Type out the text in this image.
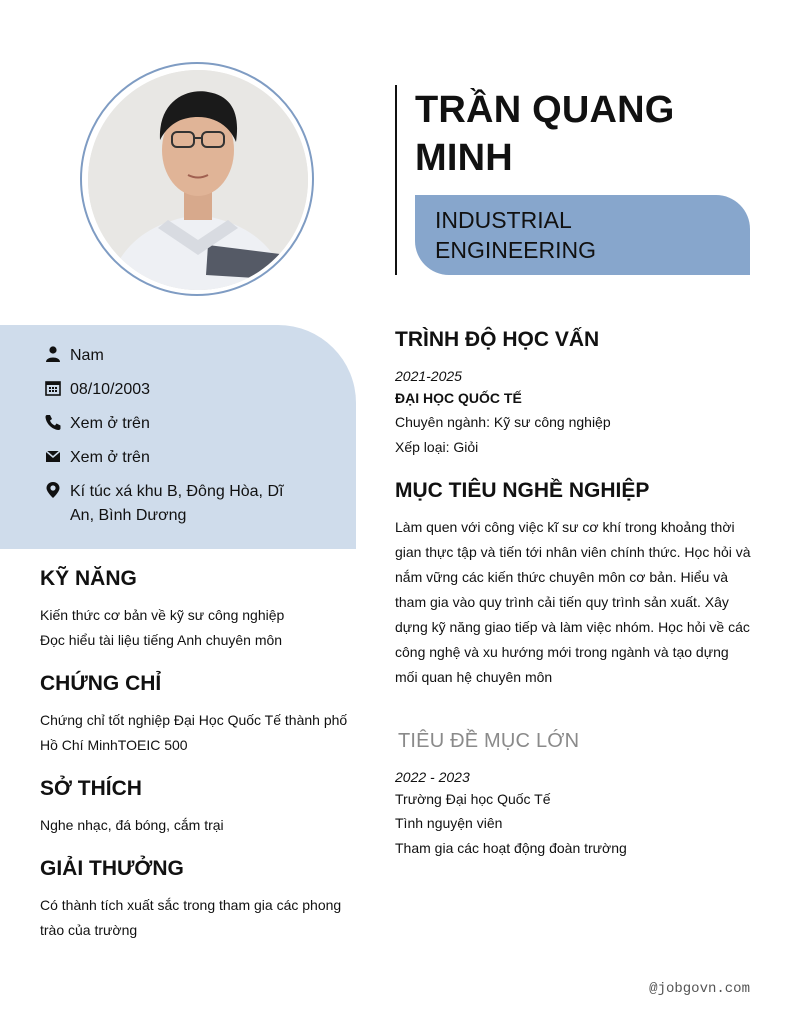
TRẦN QUANG MINH
INDUSTRIAL ENGINEERING
Nam
08/10/2003
Xem ở trên
Xem ở trên
Kí túc xá khu B, Đông Hòa, Dĩ An, Bình Dương
KỸ NĂNG
Kiến thức cơ bản về kỹ sư công nghiệp
Đọc hiểu tài liệu tiếng Anh chuyên môn
CHỨNG CHỈ
Chứng chỉ tốt nghiệp Đại Học Quốc Tế thành phố Hồ Chí MinhTOEIC 500
SỞ THÍCH
Nghe nhạc, đá bóng, cắm trại
GIẢI THƯỞNG
Có thành tích xuất sắc trong tham gia các phong trào của trường
TRÌNH ĐỘ HỌC VẤN
2021-2025
ĐẠI HỌC QUỐC TẾ
Chuyên ngành: Kỹ sư công nghiệp
Xếp loại: Giỏi
MỤC TIÊU NGHỀ NGHIỆP
Làm quen với công việc kĩ sư cơ khí trong khoảng thời gian thực tập và tiến tới nhân viên chính thức. Học hỏi và nắm vững các kiến thức chuyên môn cơ bản. Hiểu và tham gia vào quy trình cải tiến quy trình sản xuất. Xây dựng kỹ năng giao tiếp và làm việc nhóm. Học hỏi về các công nghệ và xu hướng mới trong ngành và tạo dựng mối quan hệ chuyên môn
TIÊU ĐỀ MỤC LỚN
2022 - 2023
Trường Đại học Quốc Tế
Tình nguyện viên
Tham gia các hoạt động đoàn trường
@jobgovn.com
